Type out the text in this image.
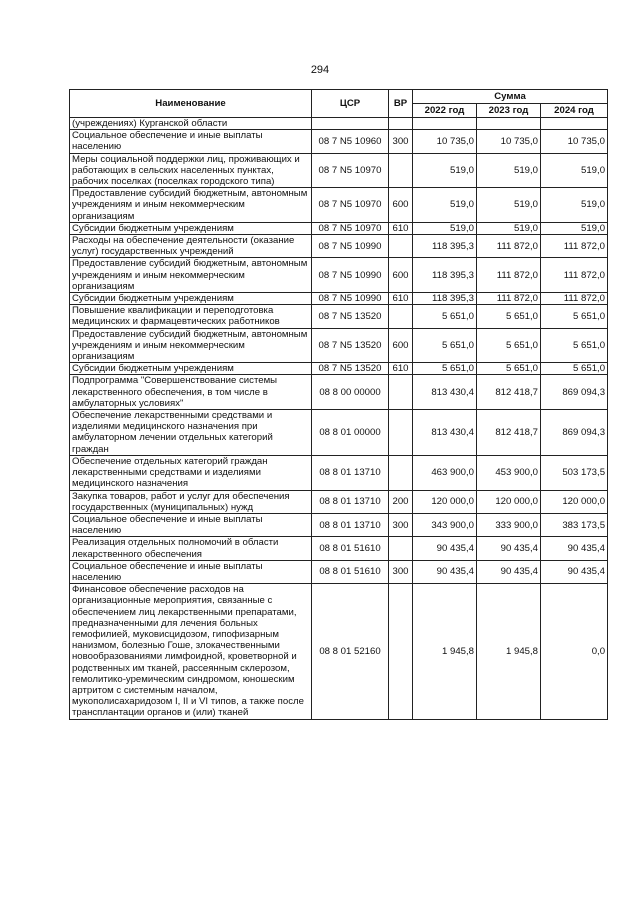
294
Наименование	ЦСР	ВР	Сумма		
			2022 год	2023 год	2024 год
(учреждениях) Курганской области					
Социальное обеспечение и иные выплаты населению	08 7 N5 10960	300	10 735,0	10 735,0	10 735,0
Меры социальной поддержки лиц, проживающих и работающих в сельских населенных пунктах, рабочих поселках (поселках городского типа)	08 7 N5 10970		519,0	519,0	519,0
Предоставление субсидий бюджетным, автономным учреждениям и иным некоммерческим организациям	08 7 N5 10970	600	519,0	519,0	519,0
Субсидии бюджетным учреждениям	08 7 N5 10970	610	519,0	519,0	519,0
Расходы на обеспечение деятельности (оказание услуг) государственных учреждений	08 7 N5 10990		118 395,3	111 872,0	111 872,0
Предоставление субсидий бюджетным, автономным учреждениям и иным некоммерческим организациям	08 7 N5 10990	600	118 395,3	111 872,0	111 872,0
Субсидии бюджетным учреждениям	08 7 N5 10990	610	118 395,3	111 872,0	111 872,0
Повышение квалификации и переподготовка медицинских и фармацевтических работников	08 7 N5 13520		5 651,0	5 651,0	5 651,0
Предоставление субсидий бюджетным, автономным учреждениям и иным некоммерческим организациям	08 7 N5 13520	600	5 651,0	5 651,0	5 651,0
Субсидии бюджетным учреждениям	08 7 N5 13520	610	5 651,0	5 651,0	5 651,0
Подпрограмма "Совершенствование системы лекарственного обеспечения, в том числе в амбулаторных условиях"	08 8 00 00000		813 430,4	812 418,7	869 094,3
Обеспечение лекарственными средствами и изделиями медицинского назначения при амбулаторном лечении отдельных категорий граждан	08 8 01 00000		813 430,4	812 418,7	869 094,3
Обеспечение отдельных категорий граждан лекарственными средствами и изделиями медицинского назначения	08 8 01 13710		463 900,0	453 900,0	503 173,5
Закупка товаров, работ и услуг для обеспечения государственных (муниципальных) нужд	08 8 01 13710	200	120 000,0	120 000,0	120 000,0
Социальное обеспечение и иные выплаты населению	08 8 01 13710	300	343 900,0	333 900,0	383 173,5
Реализация отдельных полномочий в области лекарственного обеспечения	08 8 01 51610		90 435,4	90 435,4	90 435,4
Социальное обеспечение и иные выплаты населению	08 8 01 51610	300	90 435,4	90 435,4	90 435,4
Финансовое обеспечение расходов на организационные мероприятия, связанные с обеспечением лиц лекарственными препаратами, предназначенными для лечения больных гемофилией, муковисцидозом, гипофизарным нанизмом, болезнью Гоше, злокачественными новообразованиями лимфоидной, кроветворной и родственных им тканей, рассеянным склерозом, гемолитико-уремическим синдромом, юношеским артритом с системным началом, мукополисахаридозом I, II и VI типов, а также после трансплантации органов и (или) тканей	08 8 01 52160		1 945,8	1 945,8	0,0
